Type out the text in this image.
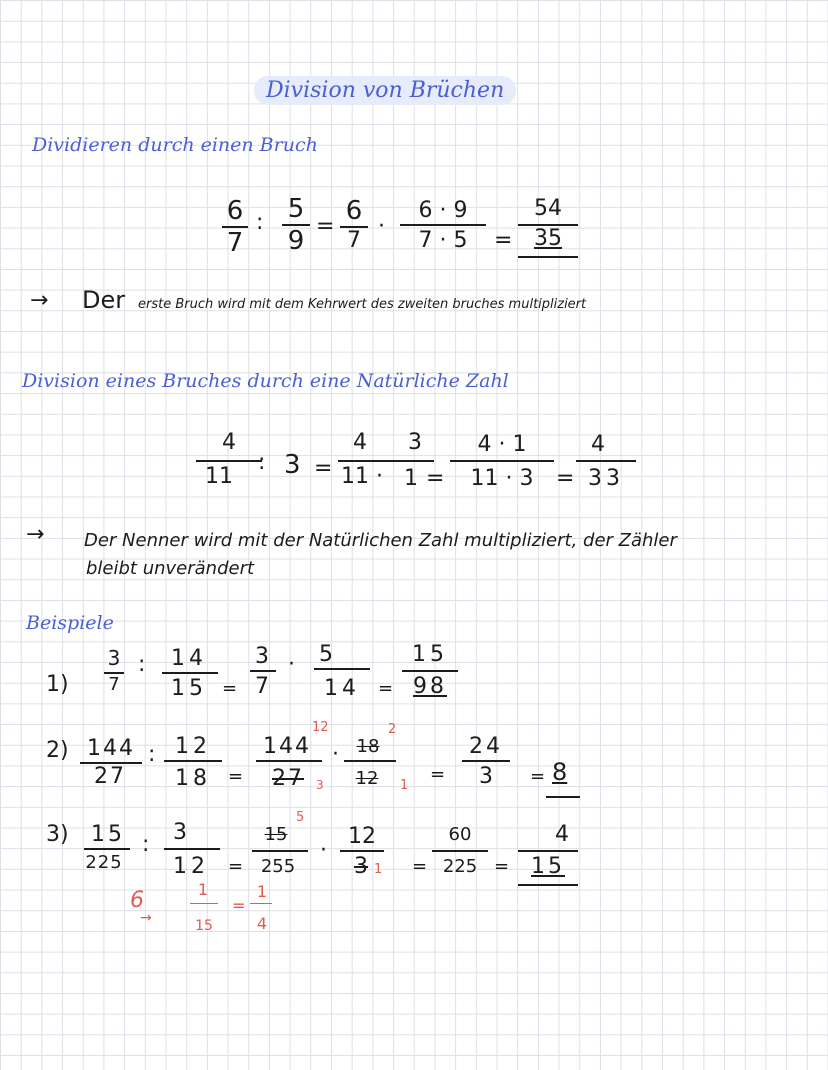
Division von Brüchen
Dividieren durch einen Bruch
6
7
: 5
9 =
6
7
·
6 · 9
7 · 5	=
54
35
→ Der erste Bruch wird mit dem Kehrwert des zweiten bruches multipliziert
Division eines Bruches durch eine Natürliche Zahl
4
11
: 3 =
4
11 ·
3
1 =
4 · 1
11 · 3	=
4
33
→ Der Nenner wird mit der Natürlichen Zahl multipliziert, der Zähler
bleibt unverändert
Beispiele
1)
3
7
:	14
15 =
3
7
· 5
14	=
15
98
2) 144
27
: 12
18 =
144
12
27	3
· 18
2
12	1
=
24
3	= 8
3) 15
225
: 3
12	=
15
5
255
·
12
3 1 =
60
225 =
4
15
6
→
1
15
=
1
4
